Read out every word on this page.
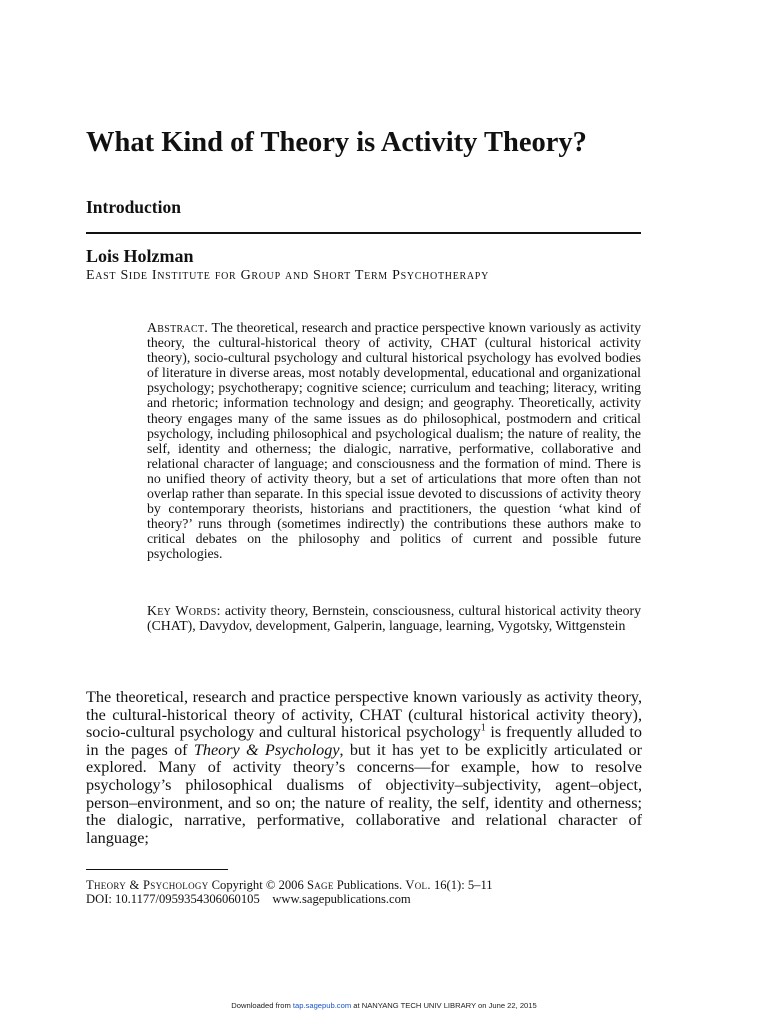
What Kind of Theory is Activity Theory?
Introduction

Lois Holzman

East Side Institute for Group and Short Term Psychotherapy

Abstract. The theoretical, research and practice perspective known variously as activity theory, the cultural-historical theory of activity, CHAT (cultural historical activity theory), socio-cultural psychology and cultural historical psychology has evolved bodies of literature in diverse areas, most notably developmental, educational and organizational psychology; psychotherapy; cognitive science; curriculum and teaching; literacy, writing and rhetoric; information technology and design; and geography. Theoretically, activity theory engages many of the same issues as do philosophical, postmodern and critical psychology, including philosophical and psychological dualism; the nature of reality, the self, identity and otherness; the dialogic, narrative, performative, collaborative and relational character of language; and consciousness and the formation of mind. There is no unified theory of activity theory, but a set of articulations that more often than not overlap rather than separate. In this special issue devoted to discussions of activity theory by contemporary theorists, historians and practitioners, the question ‘what kind of theory?’ runs through (sometimes indirectly) the contributions these authors make to critical debates on the philosophy and politics of current and possible future psychologies.

Key Words: activity theory, Bernstein, consciousness, cultural historical activity theory (CHAT), Davydov, development, Galperin, language, learning, Vygotsky, Wittgenstein

The theoretical, research and practice perspective known variously as activity theory, the cultural-historical theory of activity, CHAT (cultural historical activity theory), socio-cultural psychology and cultural historical psychology$^1$ is frequently alluded to in the pages of Theory & Psychology, but it has yet to be explicitly articulated or explored. Many of activity theory’s concerns—for example, how to resolve psychology’s philosophical dualisms of objectivity–subjectivity, agent–object, person–environment, and so on; the nature of reality, the self, identity and otherness; the dialogic, narrative, performative, collaborative and relational character of language;

Theory & Psychology Copyright © 2006 Sage Publications. Vol. 16(1): 5–11
DOI: 10.1177/0959354306060105    www.sagepublications.com

Downloaded from tap.sagepub.com at NANYANG TECH UNIV LIBRARY on June 22, 2015
